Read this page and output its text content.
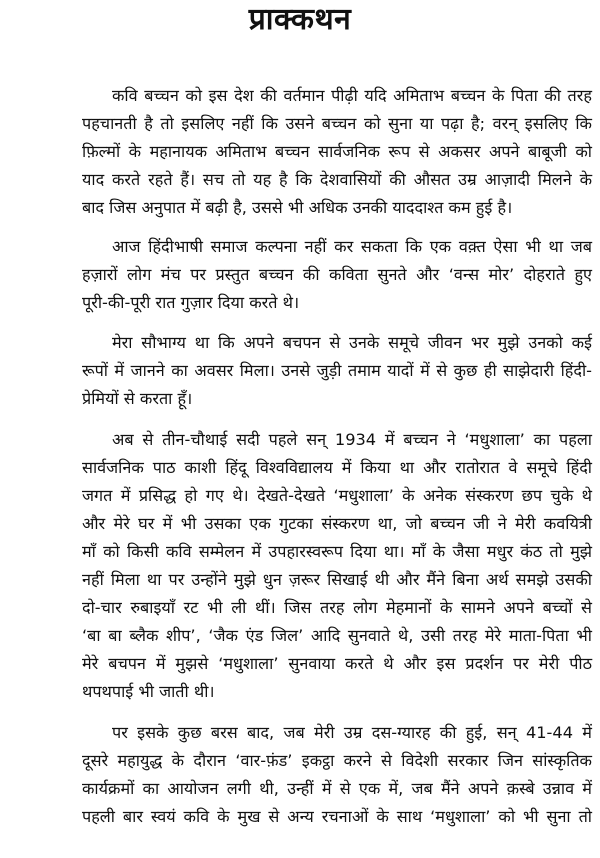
प्राक्कथन
कवि बच्चन को इस देश की वर्तमान पीढ़ी यदि अमिताभ बच्चन के पिता की तरह
पहचानती है तो इसलिए नहीं कि उसने बच्चन को सुना या पढ़ा है; वरन् इसलिए कि
फ़िल्मों के महानायक अमिताभ बच्चन सार्वजनिक रूप से अकसर अपने बाबूजी को
याद करते रहते हैं। सच तो यह है कि देशवासियों की औसत उम्र आज़ादी मिलने के
बाद जिस अनुपात में बढ़ी है, उससे भी अधिक उनकी याददाश्त कम हुई है।
आज हिंदीभाषी समाज कल्पना नहीं कर सकता कि एक वक़्त ऐसा भी था जब
हज़ारों लोग मंच पर प्रस्तुत बच्चन की कविता सुनते और ‘वन्स मोर’ दोहराते हुए
पूरी-की-पूरी रात गुज़ार दिया करते थे।
मेरा सौभाग्य था कि अपने बचपन से उनके समूचे जीवन भर मुझे उनको कई
रूपों में जानने का अवसर मिला। उनसे जुड़ी तमाम यादों में से कुछ ही साझेदारी हिंदी-
प्रेमियों से करता हूँ।
अब से तीन-चौथाई सदी पहले सन् 1934 में बच्चन ने ‘मधुशाला’ का पहला
सार्वजनिक पाठ काशी हिंदू विश्वविद्यालय में किया था और रातोरात वे समूचे हिंदी
जगत में प्रसिद्ध हो गए थे। देखते-देखते ‘मधुशाला’ के अनेक संस्करण छप चुके थे
और मेरे घर में भी उसका एक गुटका संस्करण था, जो बच्चन जी ने मेरी कवयित्री
माँ को किसी कवि सम्मेलन में उपहारस्वरूप दिया था। माँ के जैसा मधुर कंठ तो मुझे
नहीं मिला था पर उन्होंने मुझे धुन ज़रूर सिखाई थी और मैंने बिना अर्थ समझे उसकी
दो-चार रुबाइयाँ रट भी ली थीं। जिस तरह लोग मेहमानों के सामने अपने बच्चों से
‘बा बा ब्लैक शीप’, ‘जैक एंड जिल’ आदि सुनवाते थे, उसी तरह मेरे माता-पिता भी
मेरे बचपन में मुझसे ‘मधुशाला’ सुनवाया करते थे और इस प्रदर्शन पर मेरी पीठ
थपथपाई भी जाती थी।
पर इसके कुछ बरस बाद, जब मेरी उम्र दस-ग्यारह की हुई, सन् 41-44 में
दूसरे महायुद्ध के दौरान ‘वार-फ़ंड’ इकट्ठा करने से विदेशी सरकार जिन सांस्कृतिक
कार्यक्रमों का आयोजन लगी थी, उन्हीं में से एक में, जब मैंने अपने क़स्बे उन्नाव में
पहली बार स्वयं कवि के मुख से अन्य रचनाओं के साथ ‘मधुशाला’ को भी सुना तो
